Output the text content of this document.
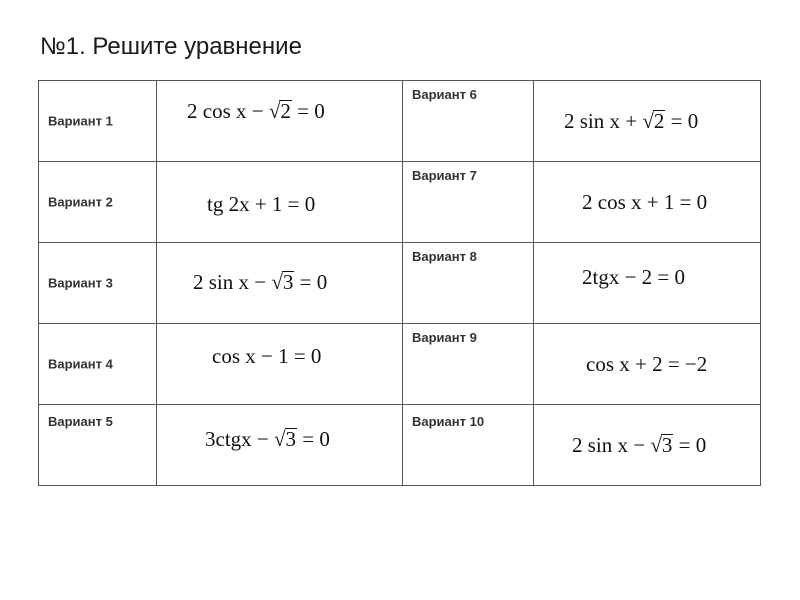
№1. Решите уравнение
Вариант 1	2 cos x − √2 = 0	Вариант 6	2 sin x + √2 = 0

Вариант 2	tg 2x + 1 = 0	Вариант 7	2 cos x + 1 = 0

Вариант 3	2 sin x − √3 = 0	Вариант 8	2tgx − 2 = 0

Вариант 4	cos x − 1 = 0	Вариант 9	cos x + 2 = −2

Вариант 5	3ctgx − √3 = 0	Вариант 10	2 sin x − √3 = 0
